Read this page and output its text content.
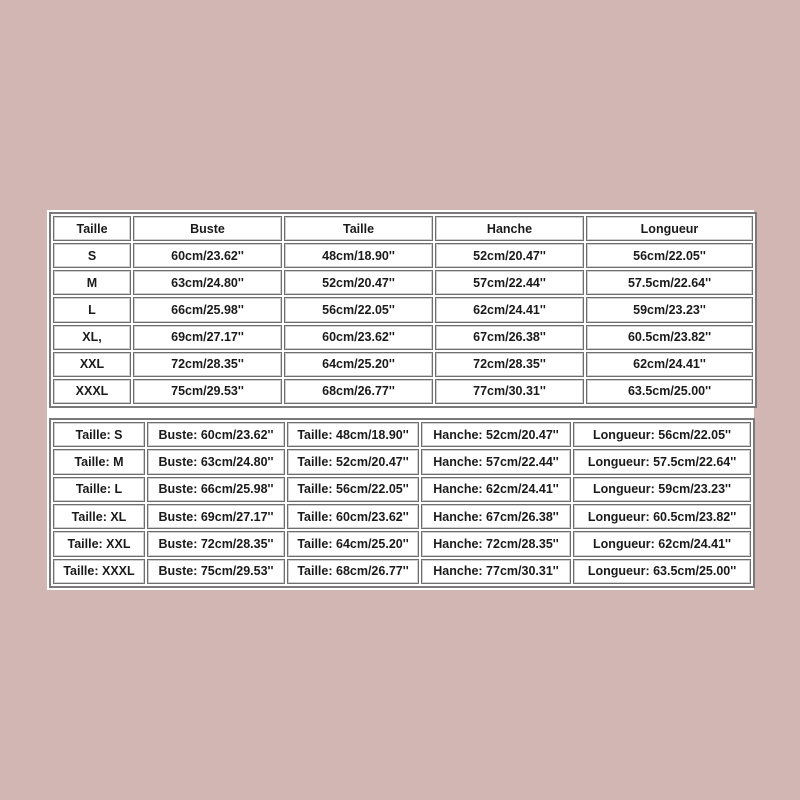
Taille	Buste	Taille	Hanche	Longueur
S	60cm/23.62''	48cm/18.90''	52cm/20.47''	56cm/22.05''
M	63cm/24.80''	52cm/20.47''	57cm/22.44''	57.5cm/22.64''
L	66cm/25.98''	56cm/22.05''	62cm/24.41''	59cm/23.23''
XL,	69cm/27.17''	60cm/23.62''	67cm/26.38''	60.5cm/23.82''
XXL	72cm/28.35''	64cm/25.20''	72cm/28.35''	62cm/24.41''
XXXL	75cm/29.53''	68cm/26.77''	77cm/30.31''	63.5cm/25.00''
Taille: S	Buste: 60cm/23.62''	Taille: 48cm/18.90''	Hanche: 52cm/20.47''	Longueur: 56cm/22.05''
Taille: M	Buste: 63cm/24.80''	Taille: 52cm/20.47''	Hanche: 57cm/22.44''	Longueur: 57.5cm/22.64''
Taille: L	Buste: 66cm/25.98''	Taille: 56cm/22.05''	Hanche: 62cm/24.41''	Longueur: 59cm/23.23''
Taille: XL	Buste: 69cm/27.17''	Taille: 60cm/23.62''	Hanche: 67cm/26.38''	Longueur: 60.5cm/23.82''
Taille: XXL	Buste: 72cm/28.35''	Taille: 64cm/25.20''	Hanche: 72cm/28.35''	Longueur: 62cm/24.41''
Taille: XXXL	Buste: 75cm/29.53''	Taille: 68cm/26.77''	Hanche: 77cm/30.31''	Longueur: 63.5cm/25.00''
